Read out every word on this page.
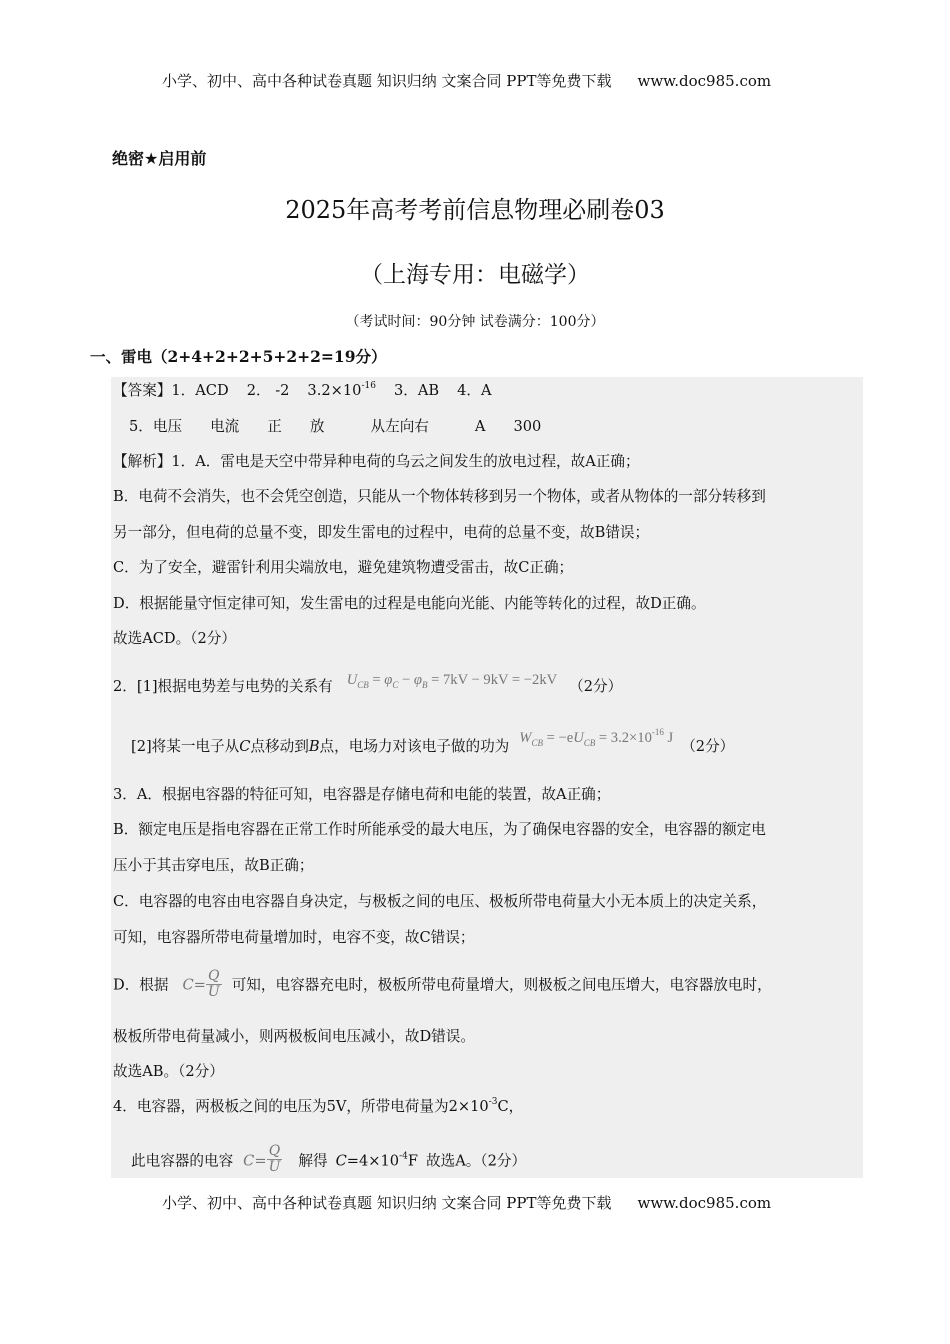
小学、初中、高中各种试卷真题 知识归纳 文案合同 PPT等免费下载 www.doc985.com
绝密★启用前
2025年高考考前信息物理必刷卷03
（上海专用：电磁学）
（考试时间：90分钟 试卷满分：100分）
一、雷电（2+4+2+2+5+2+2=19分）
【答案】1．ACD 2． -2 $3.2\times 10^{-16}$ 3．AB 4．A
5．电压 电流 正 放	从左向右	A 300
【解析】1．A．雷电是天空中带异种电荷的乌云之间发生的放电过程，故A正确；
B．电荷不会消失，也不会凭空创造，只能从一个物体转移到另一个物体，或者从物体的一部分转移到
另一部分，但电荷的总量不变，即发生雷电的过程中，电荷的总量不变，故B错误；
C．为了安全，避雷针利用尖端放电，避免建筑物遭受雷击，故C正确；
D．根据能量守恒定律可知，发生雷电的过程是电能向光能、内能等转化的过程，故D正确。
故选ACD。（2分）
2．[1]根据电势差与电势的关系有 $U_{CB} = \varphi_C - \varphi_B = 7kV - 9kV = -2kV$ （2分）
[2]将某一电子从C点移动到B点，电场力对该电子做的功为 $W_{CB} = -eU_{CB} = 3.2\times 10^{-16}$ J （2分）
3．A．根据电容器的特征可知，电容器是存储电荷和电能的装置，故A正确；
B．额定电压是指电容器在正常工作时所能承受的最大电压，为了确保电容器的安全，电容器的额定电
压小于其击穿电压，故B正确；
C．电容器的电容由电容器自身决定，与极板之间的电压、极板所带电荷量大小无本质上的决定关系，
可知，电容器所带电荷量增加时，电容不变，故C错误；
D．根据 $C= \frac{Q}{U}$ 可知，电容器充电时，极板所带电荷量增大，则极板之间电压增大，电容器放电时，
极板所带电荷量减小，则两极板间电压减小，故D错误。
故选AB。（2分）
4．电容器，两极板之间的电压为5V，所带电荷量为$2\times 10^{-3}C$，
此电容器的电容 $C= \frac{Q}{U}$ 解得 $C=4\times 10^{-4}F$ 故选A。（2分）
小学、初中、高中各种试卷真题 知识归纳 文案合同 PPT等免费下载 www.doc985.com
